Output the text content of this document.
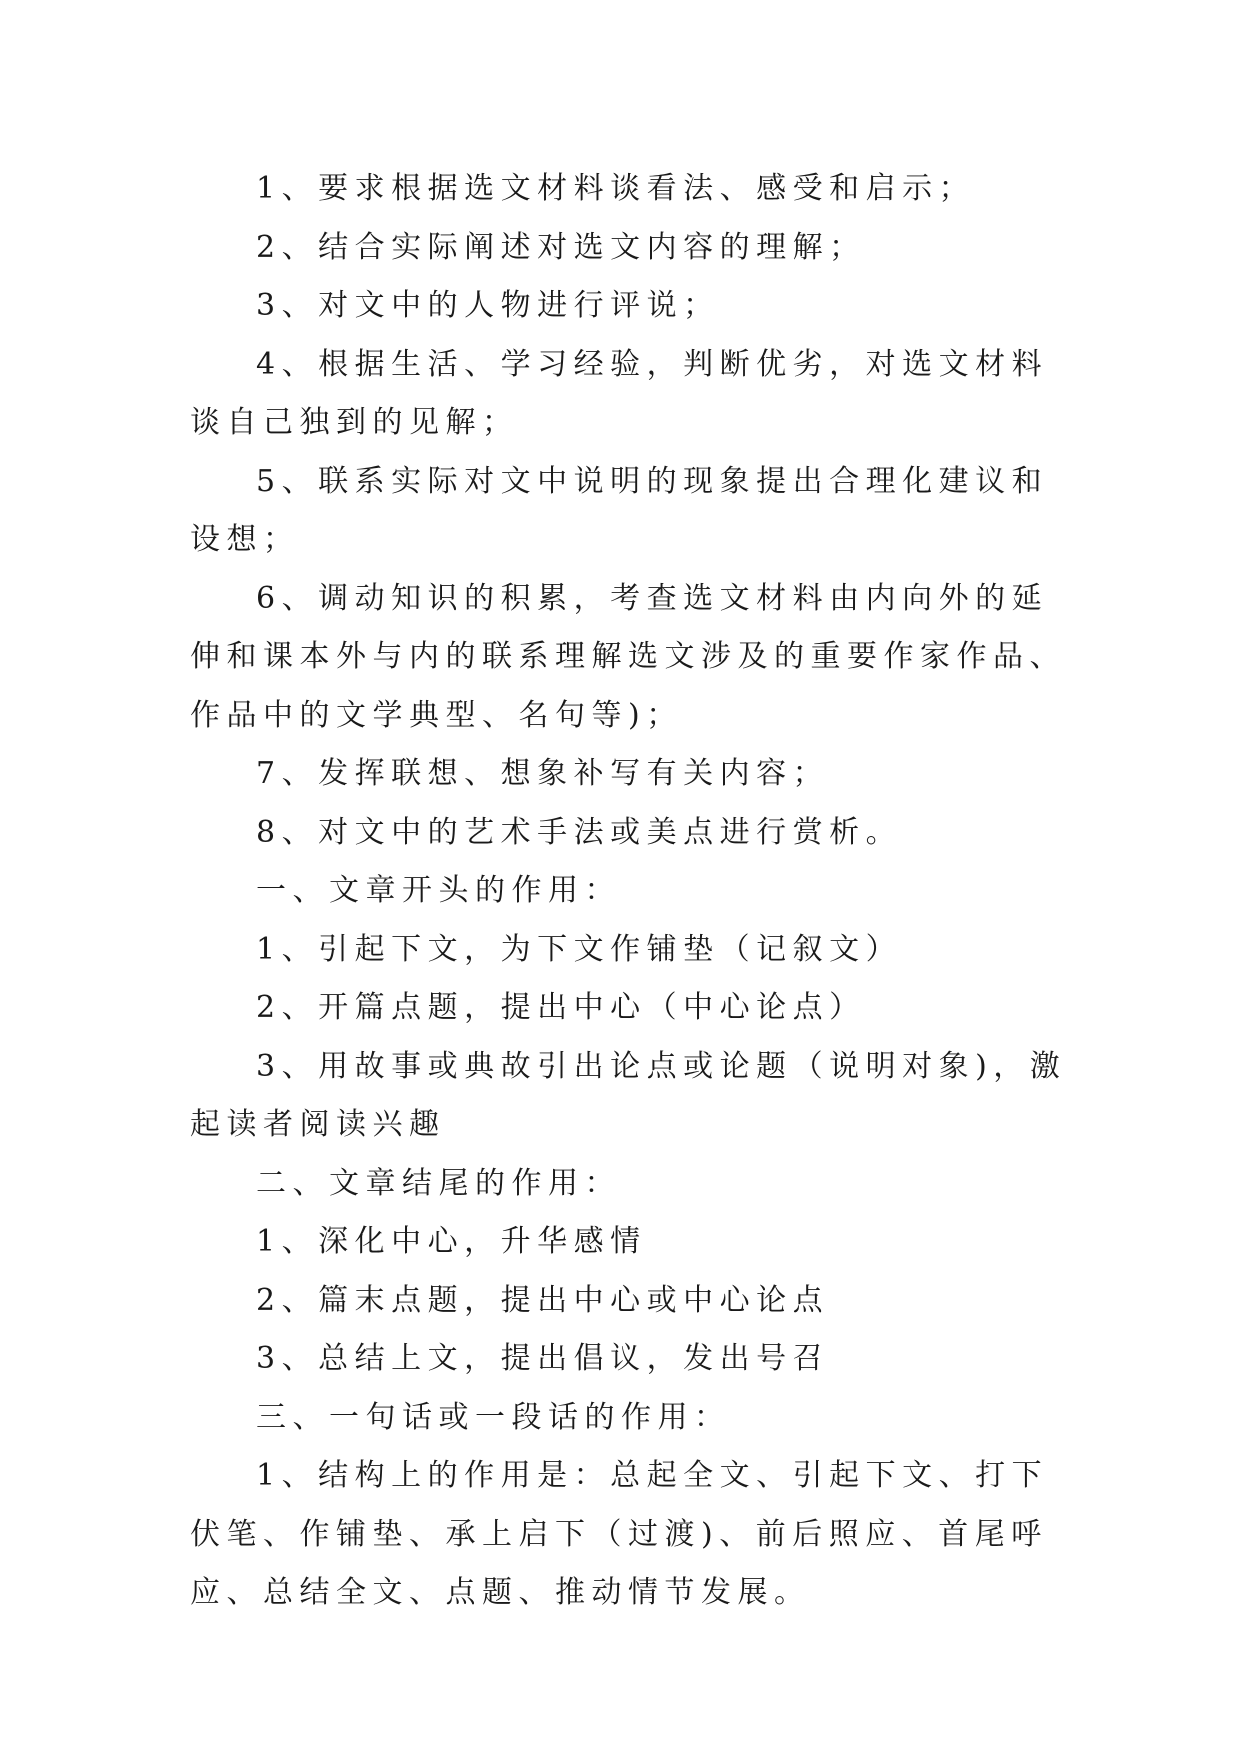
1、要求根据选文材料谈看法、感受和启示；

2、结合实际阐述对选文内容的理解；

3、对文中的人物进行评说；

4、根据生活、学习经验，判断优劣，对选文材料谈自己独到的见解；

5、联系实际对文中说明的现象提出合理化建议和设想；

6、调动知识的积累，考查选文材料由内向外的延伸和课本外与内的联系理解选文涉及的重要作家作品、作品中的文学典型、名句等)；

7、发挥联想、想象补写有关内容；

8、对文中的艺术手法或美点进行赏析。

一、文章开头的作用：

1、引起下文，为下文作铺垫（记叙文）

2、开篇点题，提出中心（中心论点）

3、用故事或典故引出论点或论题（说明对象)，激起读者阅读兴趣

二、文章结尾的作用：

1、深化中心，升华感情

2、篇末点题，提出中心或中心论点

3、总结上文，提出倡议，发出号召

三、一句话或一段话的作用：

1、结构上的作用是：总起全文、引起下文、打下伏笔、作铺垫、承上启下（过渡)、前后照应、首尾呼应、总结全文、点题、推动情节发展。
